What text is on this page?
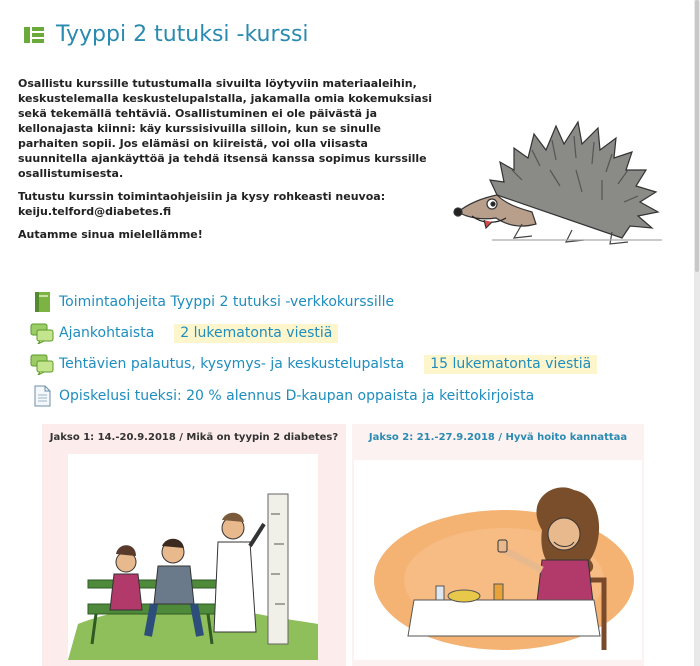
Tyyppi 2 tutuksi -kurssi

Osallistu kurssille tutustumalla sivuilta löytyviin materiaaleihin, keskustelemalla keskustelupalstalla, jakamalla omia kokemuksiasi sekä tekemällä tehtäviä. Osallistuminen ei ole päivästä ja kellonajasta kiinni: käy kurssisivuilla silloin, kun se sinulle parhaiten sopii. Jos elämäsi on kiireistä, voi olla viisasta suunnitella ajankäyttöä ja tehdä itsensä kanssa sopimus kurssille osallistumisesta.

Tutustu kurssin toimintaohjeisiin ja kysy rohkeasti neuvoa: keiju.telford@diabetes.fi

Autamme sinua mielellämme!

Toimintaohjeita Tyyppi 2 tutuksi -verkkokurssille
Ajankohtaista	2 lukematonta viestiä
Tehtävien palautus, kysymys- ja keskustelupalsta	15 lukematonta viestiä
Opiskelusi tueksi: 20 % alennus D-kaupan oppaista ja keittokirjoista
Jakso 1: 14.-20.9.2018 / Mikä on tyypin 2 diabetes?	Jakso 2: 21.-27.9.2018 / Hyvä hoito kannattaa
